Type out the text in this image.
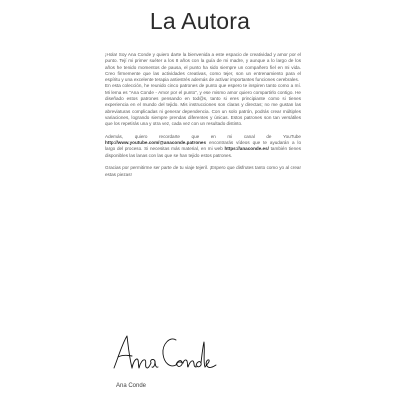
La Autora

¡Hola! Soy Ana Conde y quiero darte la bienvenida a este espacio de creatividad y amor por el punto. Tejí mi primer suéter a los 8 años con la guía de mi madre, y aunque a lo largo de los años he tenido momentos de pausa, el punto ha sido siempre un compañero fiel en mi vida. Creo firmemente que las actividades creativas, como tejer, son un entrenamiento para el espíritu y una excelente terapia antiestrés además de activar importantes funciones cerebrales.

En esta colección, he reunido cinco patrones de punto que espero te inspiren tanto como a mí. Mi lema es "Ana Conde - Amor por el punto", y ese mismo amor quiero compartirlo contigo. He diseñado estos patrones pensando en tod@s, tanto si eres principiante como si tienes experiencia en el mundo del tejido. Mis instrucciones son claras y directas; no me gustan las abreviaturas complicadas ni generar dependencia. Con un solo patrón, podrás crear múltiples variaciones, logrando siempre prendas diferentes y únicas. Estos patrones son tan versátiles que los repetirás una y otra vez, cada vez con un resultado distinto.

Además, quiero recordarte que en mi canal de YouTube http://www.youtube.com/@anaconde.patrones encontrarás vídeos que te ayudarán a lo largo del proceso. Si necesitas más material, en mi web https://anaconde.es/ también tienes disponibles las lanas con las que se han tejido estos patrones.

Gracias por permitirme ser parte de tu viaje tejeril. ¡Espero que disfrutes tanto como yo al crear estas piezas!

Ana Conde
